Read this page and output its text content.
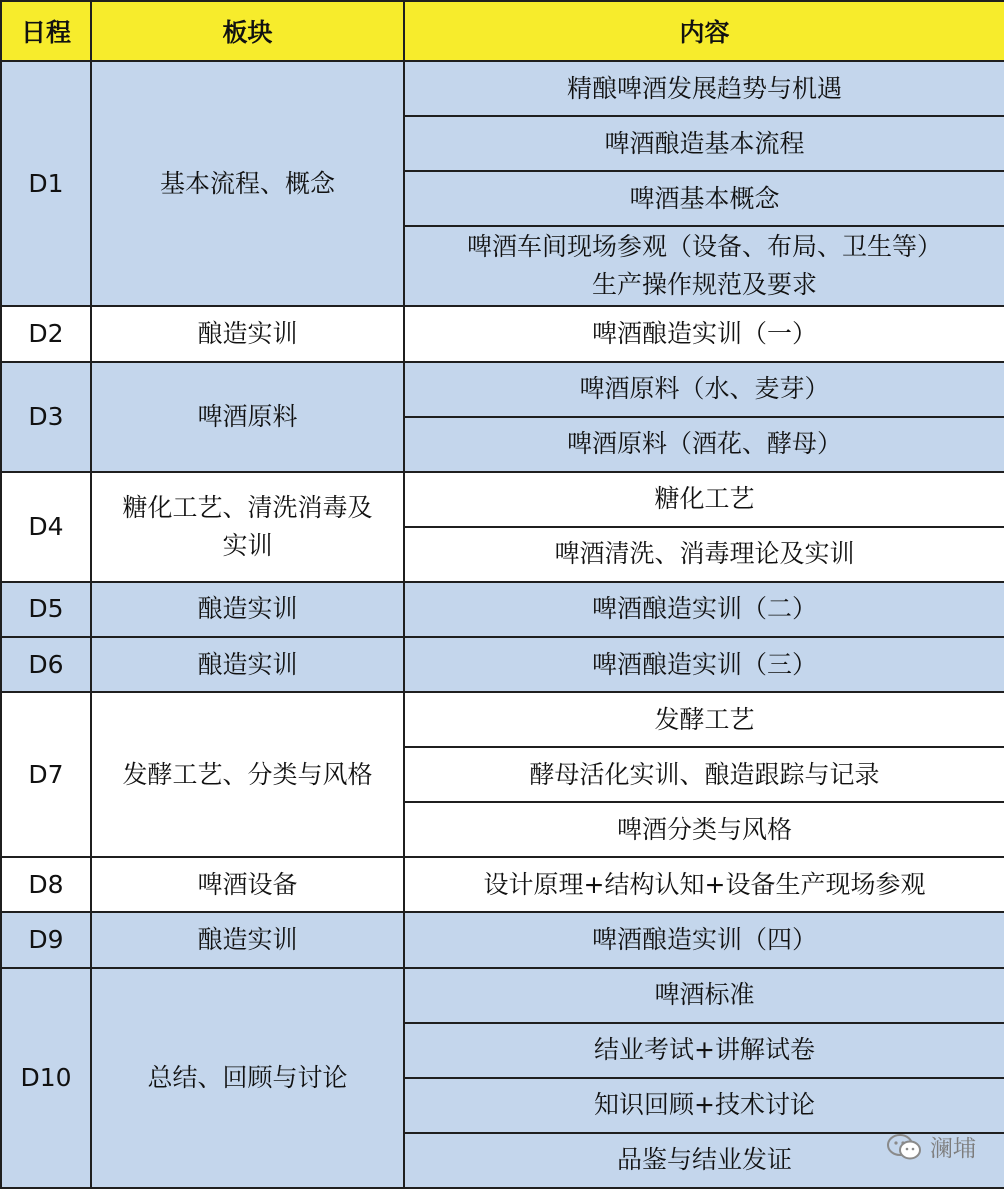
日程	板块	内容
D1	基本流程、概念	精酿啤酒发展趋势与机遇

		啤酒酿造基本流程

		啤酒基本概念

		啤酒车间现场参观（设备、布局、卫生等）
生产操作规范及要求

D2	酿造实训	啤酒酿造实训（一）

D3	啤酒原料	啤酒原料（水、麦芽）

		啤酒原料（酒花、酵母）

D4	糖化工艺、清洗消毒及实训	糖化工艺

		啤酒清洗、消毒理论及实训

D5	酿造实训	啤酒酿造实训（二）

D6	酿造实训	啤酒酿造实训（三）

D7	发酵工艺、分类与风格	发酵工艺

		酵母活化实训、酿造跟踪与记录

		啤酒分类与风格

D8	啤酒设备	设计原理+结构认知+设备生产现场参观

D9	酿造实训	啤酒酿造实训（四）

D10	总结、回顾与讨论	啤酒标准

		结业考试+讲解试卷

		知识回顾+技术讨论

		品鉴与结业发证	澜埔
